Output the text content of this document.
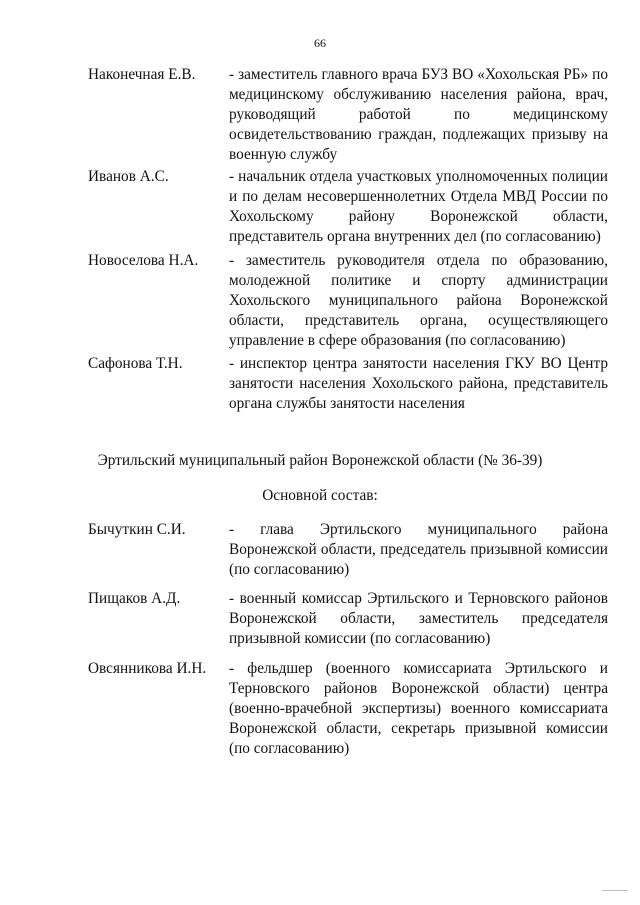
66
Наконечная Е.В. - заместитель главного врача БУЗ ВО «Хохольская РБ» по медицинскому обслуживанию населения района, врач, руководящий работой по медицинскому освидетельствованию граждан, подлежащих призыву на военную службу
Иванов А.С.	- начальник отдела участковых уполномоченных полиции и по делам несовершеннолетних Отдела МВД России по Хохольскому району Воронежской области, представитель органа внутренних дел (по согласованию)
Новоселова Н.А. - заместитель руководителя отдела по образованию, молодежной политике и спорту администрации Хохольского муниципального района Воронежской области, представитель органа, осуществляющего управление в сфере образования (по согласованию)
Сафонова Т.Н.	- инспектор центра занятости населения ГКУ ВО Центр занятости населения Хохольского района, представитель органа службы занятости населения
Эртильский муниципальный район Воронежской области (№ 36-39)
Основной состав:
Бычуткин С.И.	- глава Эртильского муниципального района Воронежской области, председатель призывной комиссии (по согласованию)
Пищаков А.Д.	- военный комиссар Эртильского и Терновского районов Воронежской области, заместитель председателя призывной комиссии (по согласованию)
Овсянникова И.Н. - фельдшер (военного комиссариата Эртильского и Терновского районов Воронежской области) центра (военно-врачебной экспертизы) военного комиссариата Воронежской области, секретарь призывной комиссии (по согласованию)
